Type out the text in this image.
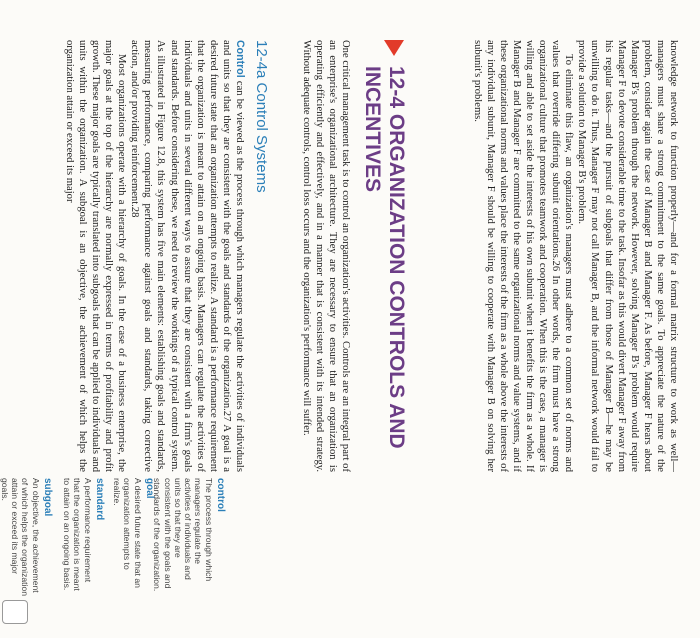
knowledge network to function properly—and for a formal matrix structure to work as well—managers must share a strong commitment to the same goals. To appreciate the nature of the problem, consider again the case of Manager B and Manager F. As before, Manager F hears about Manager B's problem through the network. However, solving Manager B's problem would require Manager F to devote considerable time to the task. Insofar as this would divert Manager F away from his regular tasks—and the pursuit of subgoals that differ from those of Manager B—he may be unwilling to do it. Thus, Manager F may not call Manager B, and the informal network would fail to provide a solution to Manager B's problem.

To eliminate this flaw, an organization's managers must adhere to a common set of norms and values that override differing subunit orientations.26 In other words, the firm must have a strong organizational culture that promotes teamwork and cooperation. When this is the case, a manager is willing and able to set aside the interests of his own subunit when it benefits the firm as a whole. If Manager B and Manager F are committed to the same organizational norms and value systems, and if these organizational norms and values place the interests of the firm as a whole above the interests of any individual subunit, Manager F should be willing to cooperate with Manager B on solving her subunit's problems.

12-4 ORGANIZATION CONTROLS AND INCENTIVES

One critical management task is to control an organization's activities. Controls are an integral part of an enterprise's organizational architecture. They are necessary to ensure that an organization is operating efficiently and effectively, and in a manner that is consistent with its intended strategy. Without adequate controls, control loss occurs and the organization's performance will suffer.

12-4a Control Systems

Control can be viewed as the process through which managers regulate the activities of individuals and units so that they are consistent with the goals and standards of the organization.27 A goal is a desired future state that an organization attempts to realize. A standard is a performance requirement that the organization is meant to attain on an ongoing basis. Managers can regulate the activities of individuals and units in several different ways to assure that they are consistent with a firm's goals and standards. Before considering these, we need to review the workings of a typical control system. As illustrated in Figure 12.8, this system has five main elements: establishing goals and standards, measuring performance, comparing performance against goals and standards, taking corrective action, and/or providing reinforcement.28

Most organizations operate with a hierarchy of goals. In the case of a business enterprise, the major goals at the top of the hierarchy are normally expressed in terms of profitability and profit growth. These major goals are typically translated into subgoals that can be applied to individuals and units within the organization. A subgoal is an objective, the achievement of which helps the organization attain or exceed its major

control
The process through which managers regulate the activities of individuals and units so that they are consistent with the goals and standards of the organization.
goal
A desired future state that an organization attempts to realize.
standard
A performance requirement that the organization is meant to attain on an ongoing basis.
subgoal
An objective, the achievement of which helps the organization attain or exceed its major goals.
